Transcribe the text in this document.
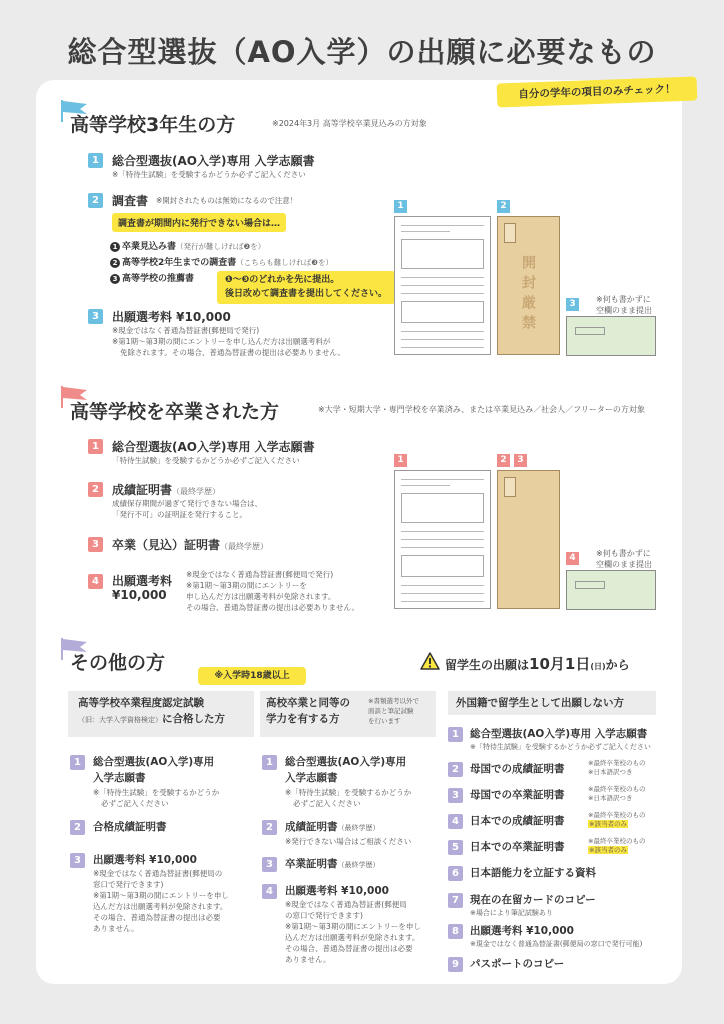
総合型選抜（AO入学）の出願に必要なもの
自分の学年の項目のみチェック！
高等学校3年生の方	※2024年3月 高等学校卒業見込みの方対象
1	総合型選抜(AO入学)専用 入学志願書
※「特待生試験」を受験するかどうか必ずご記入ください
2	調査書 ※開封されたものは無効になるので注意！
調査書が期間内に発行できない場合は…
1 卒業見込み書（発行が難しければ❷を）
2 高等学校2年生までの調査書（こちらも難しければ❸を）
3 高等学校の推薦書	❶～❸のどれかを先に提出。
後日改めて調査書を提出してください。
3	出願選考料 ¥10,000
※現金ではなく普通為替証書(郵便局で発行)
※第1期～第3期の間にエントリーを申し込んだ方は出願選考料が
免除されます。その場合、普通為替証書の提出は必要ありません。
1	2
開封厳禁	3	※何も書かずに
空欄のまま提出
高等学校を卒業された方	※大学・短期大学・専門学校を卒業済み、または卒業見込み／社会人／フリーターの方対象
1	総合型選抜(AO入学)専用 入学志願書
「特待生試験」を受験するかどうか必ずご記入ください
2	成績証明書（最終学歴）
成績保存期間が過ぎて発行できない場合は、
「発行不可」の証明証を発行すること。
3	卒業（見込）証明書（最終学歴）
4	出願選考料
¥10,000
※現金ではなく普通為替証書(郵便局で発行)
※第1期～第3期の間にエントリーを
申し込んだ方は出願選考料が免除されます。
その場合、普通為替証書の提出は必要ありません。
1	2	3
4	※何も書かずに
空欄のまま提出
その他の方
※入学時18歳以上
留学生の出願は10月1日(日)から
高等学校卒業程度認定試験
（旧：大学入学資格検定）に合格した方
1	総合型選抜(AO入学)専用
入学志願書
※「特待生試験」を受験するかどうか
必ずご記入ください
2	合格成績証明書
3	出願選考料 ¥10,000
※現金ではなく普通為替証書(郵便局の
窓口で発行できます)
※第1期～第3期の間にエントリーを申し
込んだ方は出願選考料が免除されます。
その場合、普通為替証書の提出は必要
ありません。
高校卒業と同等の
学力を有する方
※書類選考以外で
面談と筆記試験
を行います
1	総合型選抜(AO入学)専用
入学志願書
※「特待生試験」を受験するかどうか
必ずご記入ください
2	成績証明書（最終学歴）
※発行できない場合はご相談ください
3	卒業証明書（最終学歴）
4	出願選考料 ¥10,000
※現金ではなく普通為替証書(郵便局
の窓口で発行できます)
※第1期～第3期の間にエントリーを申し
込んだ方は出願選考料が免除されます。
その場合、普通為替証書の提出は必要
ありません。
外国籍で留学生として出願しない方
1	総合型選抜(AO入学)専用 入学志願書
※「特待生試験」を受験するかどうか必ずご記入ください
2	母国での成績証明書	※最終卒業校のもの
※日本語訳つき
3	母国での卒業証明書	※最終卒業校のもの
※日本語訳つき
4	日本での成績証明書	※最終卒業校のもの
※該当者のみ
5	日本での卒業証明書	※最終卒業校のもの
※該当者のみ
6	日本語能力を立証する資料
7	現在の在留カードのコピー
※場合により筆記試験あり
8	出願選考料 ¥10,000
※現金ではなく普通為替証書(郵便局の窓口で発行可能)
9	パスポートのコピー
